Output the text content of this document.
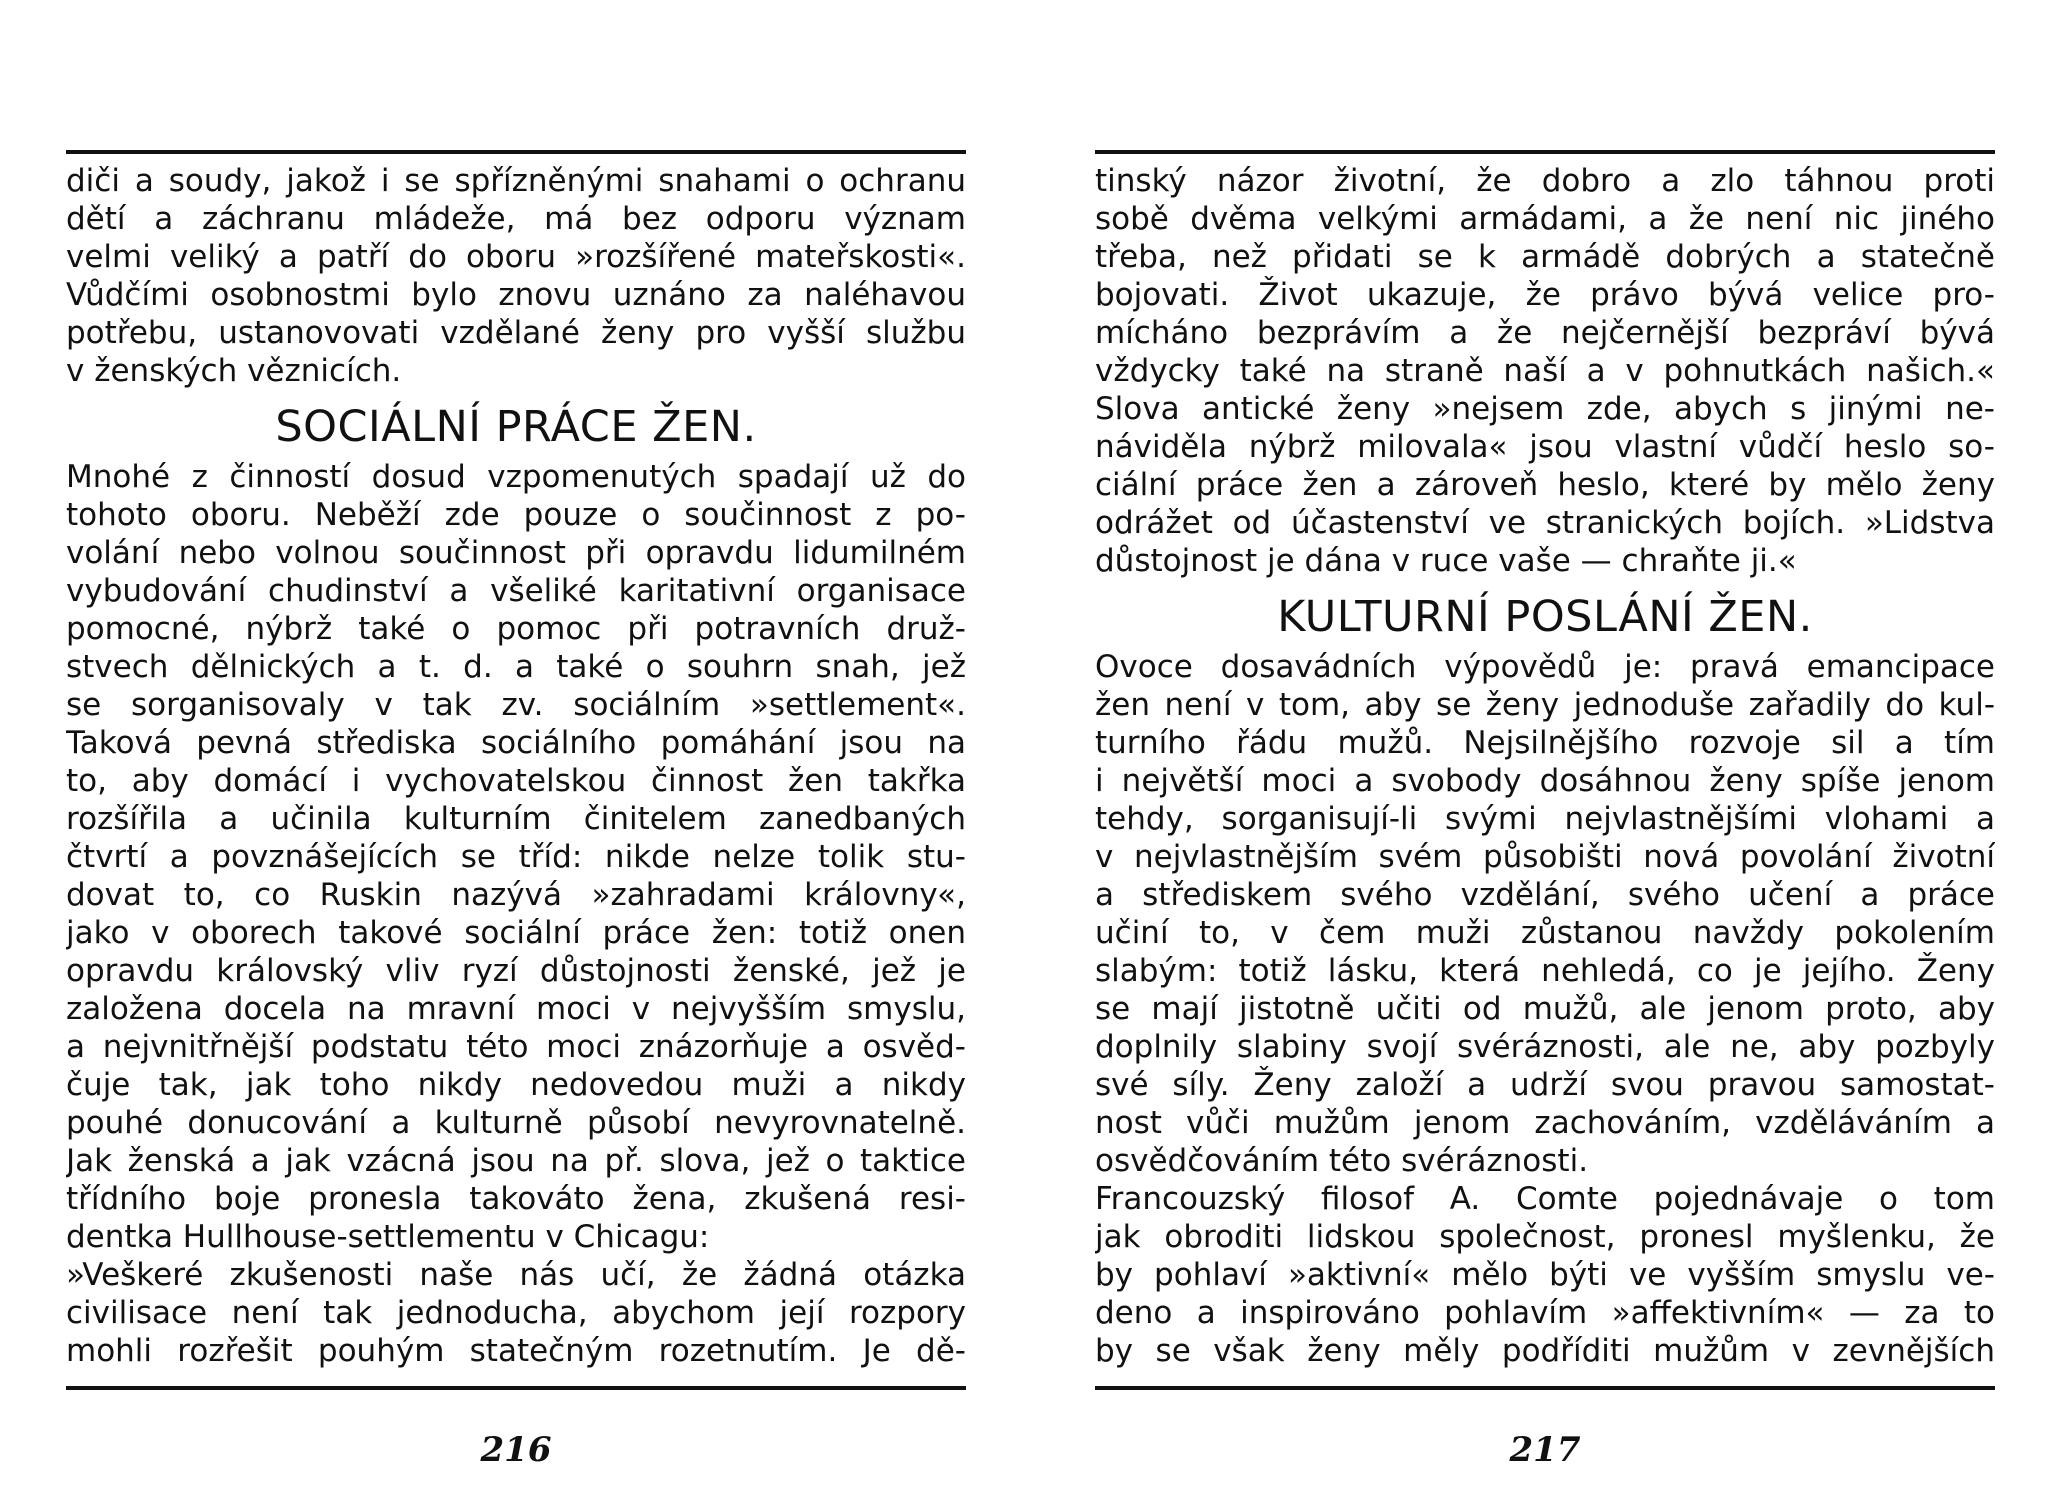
diči a soudy, jakož i se spřízněnými snahami o ochranu
dětí a záchranu mládeže, má bez odporu význam
velmi veliký a patří do oboru »rozšířené mateřskosti«.
Vůdčími osobnostmi bylo znovu uznáno za naléhavou
potřebu, ustanovovati vzdělané ženy pro vyšší službu
v ženských věznicích.
SOCIÁLNÍ PRÁCE ŽEN.
Mnohé z činností dosud vzpomenutých spadají už do
tohoto oboru. Neběží zde pouze o součinnost z po-
volání nebo volnou součinnost při opravdu lidumilném
vybudování chudinství a všeliké karitativní organisace
pomocné, nýbrž také o pomoc při potravních druž-
stvech dělnických a t. d. a také o souhrn snah, jež
se sorganisovaly v tak zv. sociálním »settlement«.
Taková pevná střediska sociálního pomáhání jsou na
to, aby domácí i vychovatelskou činnost žen takřka
rozšířila a učinila kulturním činitelem zanedbaných
čtvrtí a povznášejících se tříd: nikde nelze tolik stu-
dovat to, co Ruskin nazývá »zahradami královny«,
jako v oborech takové sociální práce žen: totiž onen
opravdu královský vliv ryzí důstojnosti ženské, jež je
založena docela na mravní moci v nejvyšším smyslu,
a nejvnitřnější podstatu této moci znázorňuje a osvěd-
čuje tak, jak toho nikdy nedovedou muži a nikdy
pouhé donucování a kulturně působí nevyrovnatelně.
Jak ženská a jak vzácná jsou na př. slova, jež o taktice
třídního boje pronesla takováto žena, zkušená resi-
dentka Hullhouse-settlementu v Chicagu:
»Veškeré zkušenosti naše nás učí, že žádná otázka
civilisace není tak jednoducha, abychom její rozpory
mohli rozřešit pouhým statečným rozetnutím. Je dě-
216
tinský názor životní, že dobro a zlo táhnou proti
sobě dvěma velkými armádami, a že není nic jiného
třeba, než přidati se k armádě dobrých a statečně
bojovati. Život ukazuje, že právo bývá velice pro-
mícháno bezprávím a že nejčernější bezpráví bývá
vždycky také na straně naší a v pohnutkách našich.«
Slova antické ženy »nejsem zde, abych s jinými ne-
náviděla nýbrž milovala« jsou vlastní vůdčí heslo so-
ciální práce žen a zároveň heslo, které by mělo ženy
odrážet od účastenství ve stranických bojích. »Lidstva
důstojnost je dána v ruce vaše — chraňte ji.«
KULTURNÍ POSLÁNÍ ŽEN.
Ovoce dosavádních výpovědů je: pravá emancipace
žen není v tom, aby se ženy jednoduše zařadily do kul-
turního řádu mužů. Nejsilnějšího rozvoje sil a tím
i největší moci a svobody dosáhnou ženy spíše jenom
tehdy, sorganisují-li svými nejvlastnějšími vlohami a
v nejvlastnějším svém působišti nová povolání životní
a střediskem svého vzdělání, svého učení a práce
učiní to, v čem muži zůstanou navždy pokolením
slabým: totiž lásku, která nehledá, co je jejího. Ženy
se mají jistotně učiti od mužů, ale jenom proto, aby
doplnily slabiny svojí svéráznosti, ale ne, aby pozbyly
své síly. Ženy založí a udrží svou pravou samostat-
nost vůči mužům jenom zachováním, vzděláváním a
osvědčováním této svéráznosti.
Francouzský filosof A. Comte pojednávaje o tom
jak obroditi lidskou společnost, pronesl myšlenku, že
by pohlaví »aktivní« mělo býti ve vyšším smyslu ve-
deno a inspirováno pohlavím »affektivním« — za to
by se však ženy měly podříditi mužům v zevnějších
217
